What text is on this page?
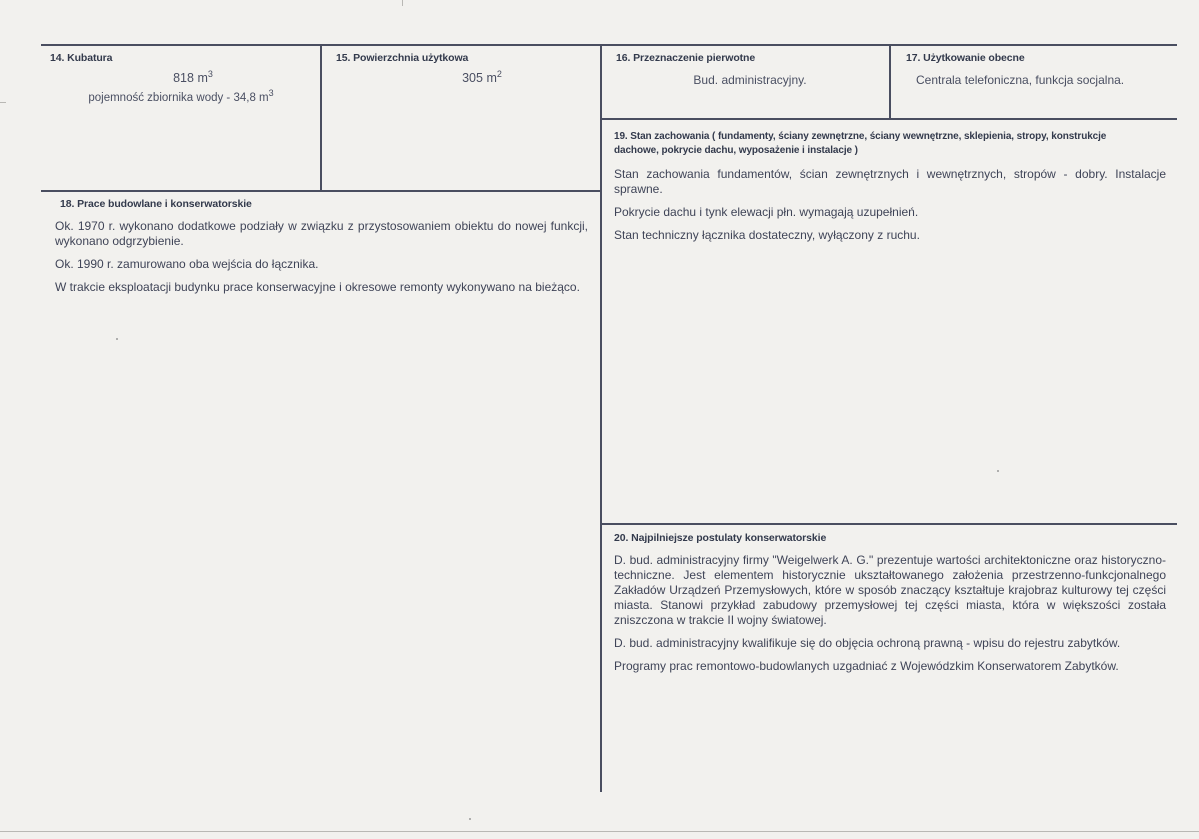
14. Kubatura
818 $m^3$
pojemność zbiornika wody - 34,8 $m^3$
15. Powierzchnia użytkowa
305 $m^2$
16. Przeznaczenie pierwotne
Bud. administracyjny.
17. Użytkowanie obecne
Centrala telefoniczna, funkcja socjalna.
18. Prace budowlane i konserwatorskie

Ok. 1970 r. wykonano dodatkowe podziały w związku z przystosowaniem obiektu do nowej funkcji, wykonano odgrzybienie.

Ok. 1990 r. zamurowano oba wejścia do łącznika.

W trakcie eksploatacji budynku prace konserwacyjne i okresowe remonty wykonywano na bieżąco.

19. Stan zachowania ( fundamenty, ściany zewnętrzne, ściany wewnętrzne, sklepienia, stropy, konstrukcje dachowe, pokrycie dachu, wyposażenie i instalacje )

Stan zachowania fundamentów, ścian zewnętrznych i wewnętrznych, stropów - dobry. Instalacje sprawne.

Pokrycie dachu i tynk elewacji płn. wymagają uzupełnień.

Stan techniczny łącznika dostateczny, wyłączony z ruchu.

20. Najpilniejsze postulaty konserwatorskie

D. bud. administracyjny firmy "Weigelwerk A. G." prezentuje wartości architektoniczne oraz historyczno-techniczne. Jest elementem historycznie ukształtowanego założenia przestrzenno-funkcjonalnego Zakładów Urządzeń Przemysłowych, które w sposób znaczący kształtuje krajobraz kulturowy tej części miasta. Stanowi przykład zabudowy przemysłowej tej części miasta, która w większości została zniszczona w trakcie II wojny światowej.

D. bud. administracyjny kwalifikuje się do objęcia ochroną prawną - wpisu do rejestru zabytków.

Programy prac remontowo-budowlanych uzgadniać z Wojewódzkim Konserwatorem Zabytków.
